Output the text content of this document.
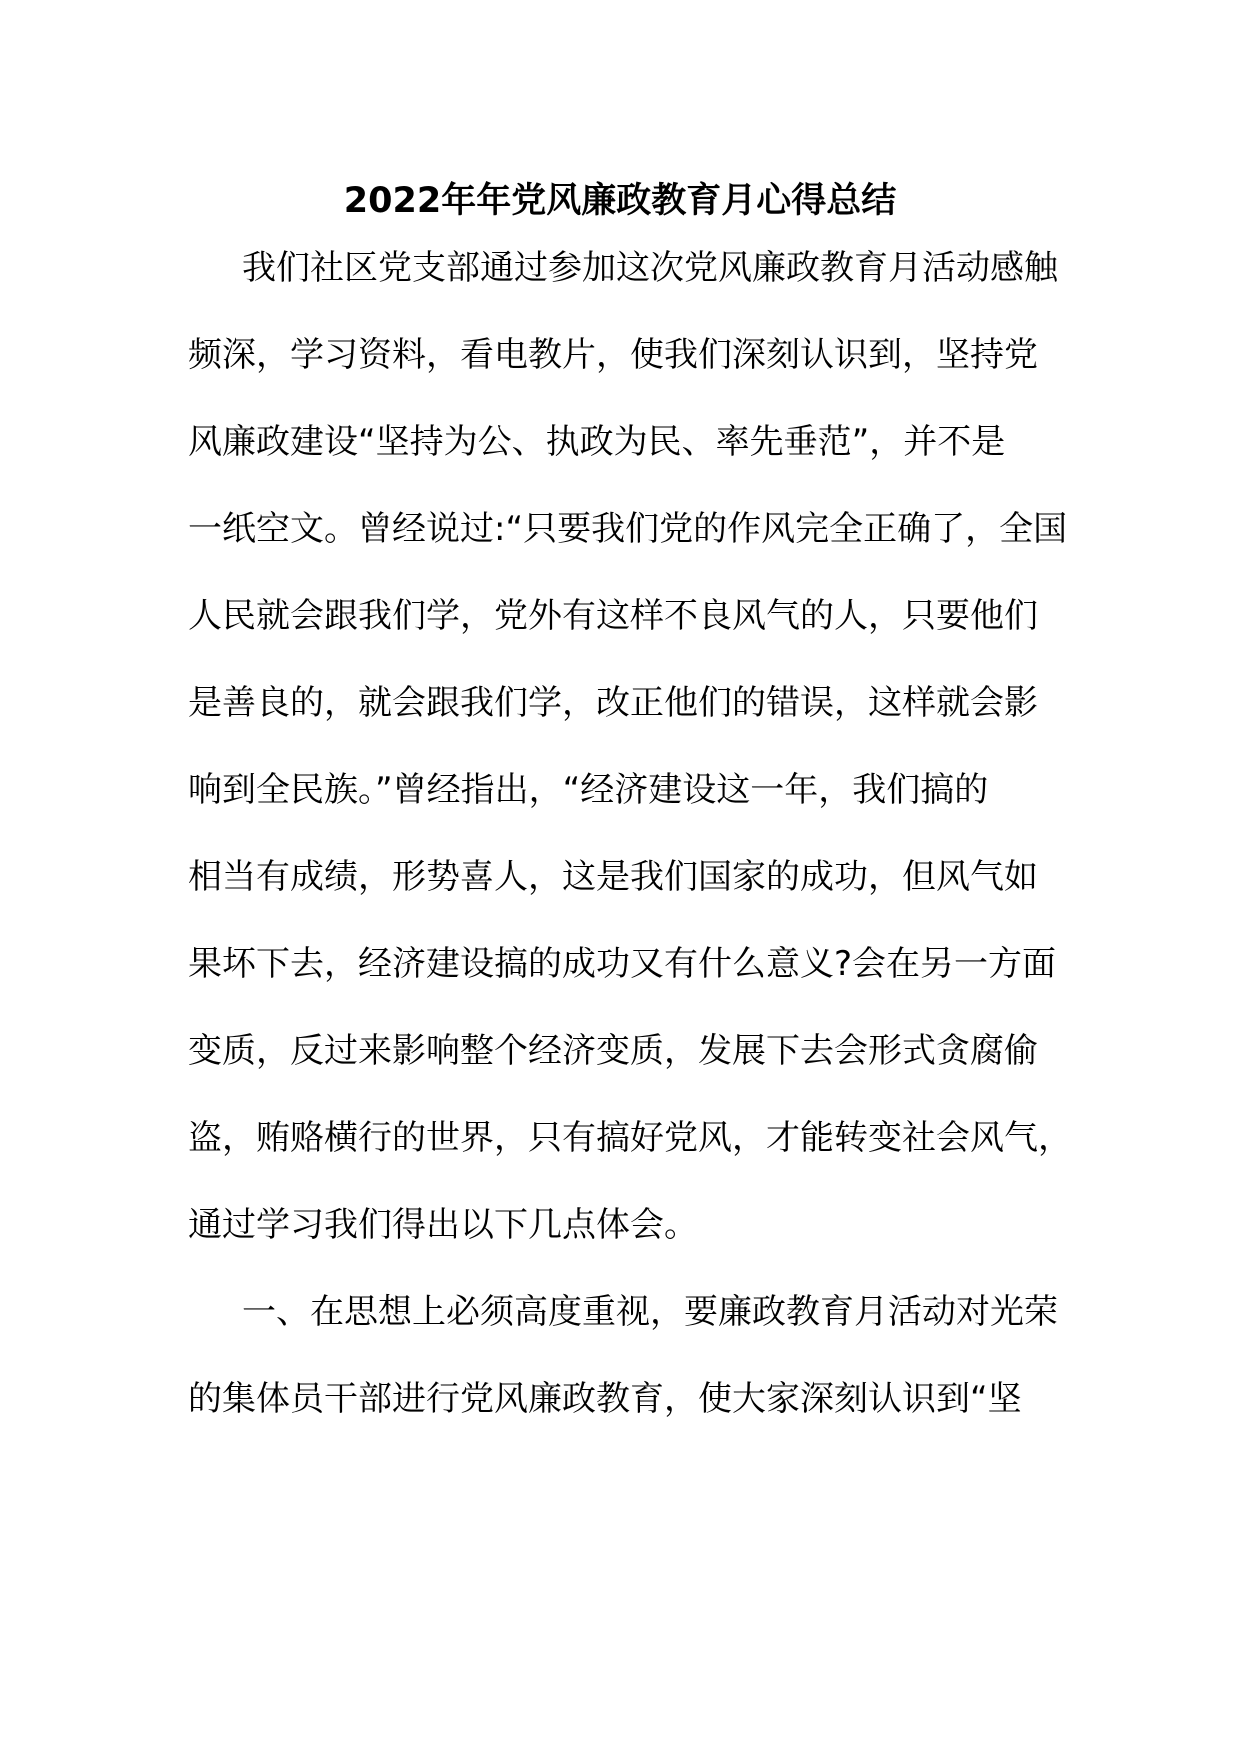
2022年年党风廉政教育月心得总结
我们社区党支部通过参加这次党风廉政教育月活动感触
频深，学习资料，看电教片，使我们深刻认识到，坚持党
风廉政建设“坚持为公、执政为民、率先垂范”，并不是
一纸空文。曾经说过:“只要我们党的作风完全正确了，全国
人民就会跟我们学，党外有这样不良风气的人，只要他们
是善良的，就会跟我们学，改正他们的错误，这样就会影
响到全民族。”曾经指出，“经济建设这一年，我们搞的
相当有成绩，形势喜人，这是我们国家的成功，但风气如
果坏下去，经济建设搞的成功又有什么意义?会在另一方面
变质，反过来影响整个经济变质，发展下去会形式贪腐偷
盗，贿赂横行的世界，只有搞好党风，才能转变社会风气，
通过学习我们得出以下几点体会。
一、在思想上必须高度重视，要廉政教育月活动对光荣
的集体员干部进行党风廉政教育，使大家深刻认识到“坚
